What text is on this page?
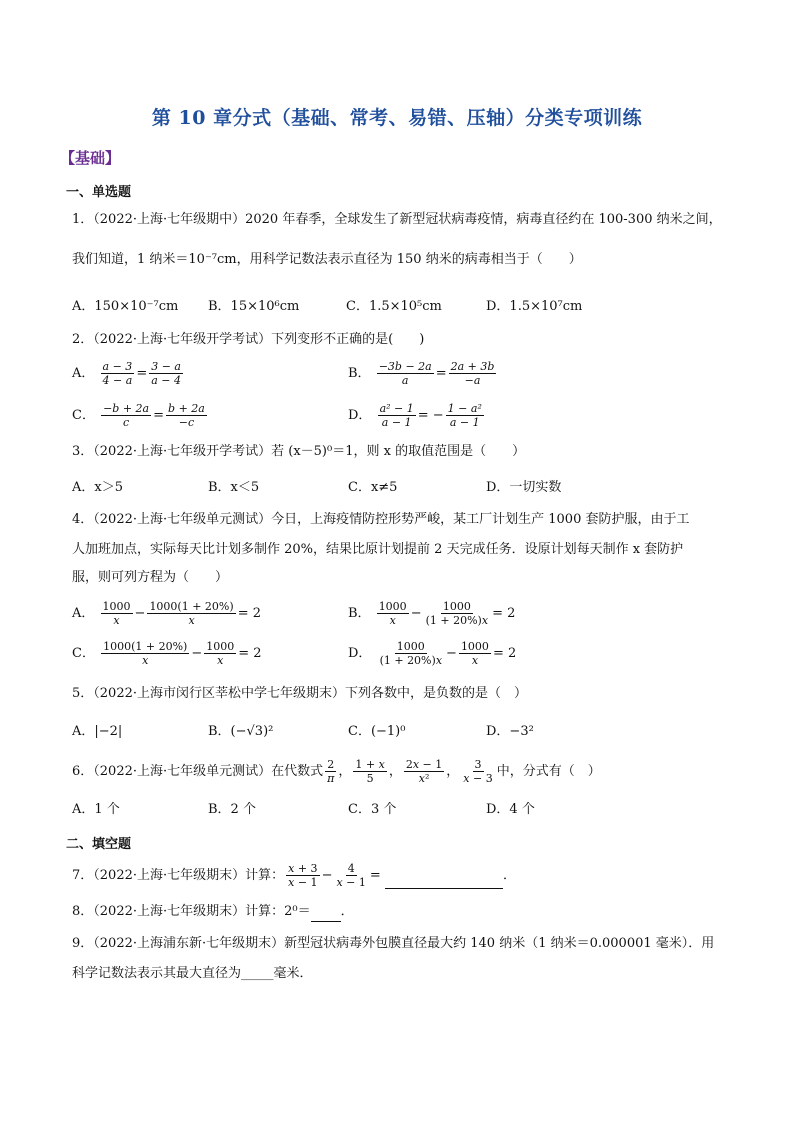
第 10 章分式（基础、常考、易错、压轴）分类专项训练
【基础】
一、单选题
1．（2022·上海·七年级期中）2020 年春季，全球发生了新型冠状病毒疫情，病毒直径约在 100-300 纳米之间，
我们知道，1 纳米＝10⁻⁷cm，用科学记数法表示直径为 150 纳米的病毒相当于（　　）
A．150×10⁻⁷cm B．15×10⁶cm	C．1.5×10⁵cm	D．1.5×10⁷cm
2．（2022·上海·七年级开学考试）下列变形不正确的是(　　)
A． $\frac{a - 3}{4 - a} = \frac{3 - a}{a - 4}$	B． $\frac{-3b - 2a}{a} = \frac{2a + 3b}{-a}$
C． $\frac{-b + 2a}{c} = \frac{b + 2a}{-c}$	D． $\frac{\text{a² − 1}}{a - 1}$ = − $\frac{\text{1 − a²}}{a - 1}$
3．（2022·上海·七年级开学考试）若 (x－5)⁰＝1，则 x 的取值范围是（　　）
A．x＞5	B．x＜5	C．x≠5	D．一切实数
4．（2022·上海·七年级单元测试）今日，上海疫情防控形势严峻，某工厂计划生产 1000 套防护服，由于工
人加班加点，实际每天比计划多制作 20%，结果比原计划提前 2 天完成任务．设原计划每天制作 x 套防护
服，则可列方程为（　　）
A． $\frac{1000}{x} - \frac{1000(1 + 20\%)}{x} = 2$	B． $\frac{1000}{x} - \frac{1000}{(1 + 20\%)x} = 2$
C． $\frac{1000(1 + 20\%)}{x} - \frac{1000}{x} = 2$	D． $\frac{1000}{(1 + 20\%)x} - \frac{1000}{x} = 2$
5．（2022·上海市闵行区莘松中学七年级期末）下列各数中，是负数的是（　）
A．|−2|	B．(−√3)²	C．(−1)⁰	D．−3²
6．（2022·上海·七年级单元测试）在代数式 $\frac{2}{\pi}$ ， $\frac{1 + x}{5}$ ， $\frac{2x - 1}{\text{x²}}$ ， $\frac{3}{x - 3}$ 中，分式有（　）
A．1 个	B．2 个	C．3 个	D．4 个
二、填空题
7．（2022·上海·七年级期末）计算： $\frac{x + 3}{x - 1} - \frac{4}{x - 1}$ =	．
8．（2022·上海·七年级期末）计算：2⁰＝ ．
9．（2022·上海浦东新·七年级期末）新型冠状病毒外包膜直径最大约 140 纳米（1 纳米＝0.000001 毫米）．用
科学记数法表示其最大直径为_____毫米．
